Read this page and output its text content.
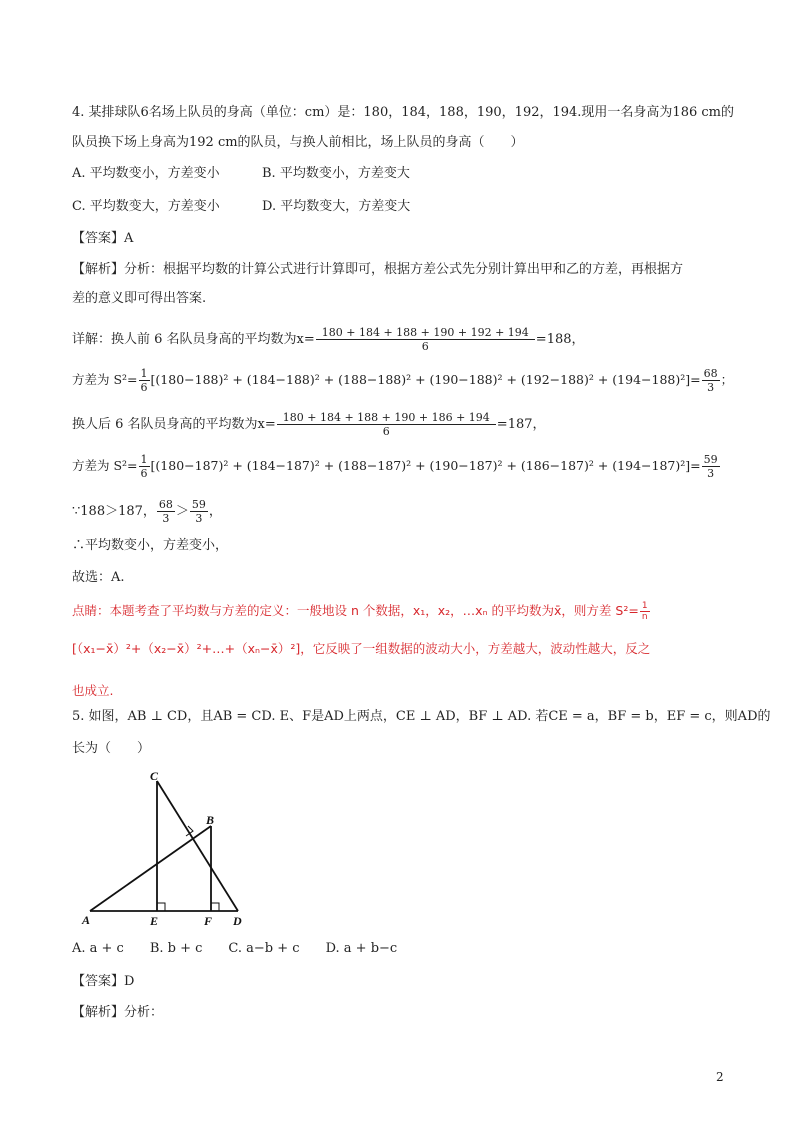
4. 某排球队6名场上队员的身高（单位：cm）是：180，184，188，190，192，194.现用一名身高为186 cm的
队员换下场上身高为192 cm的队员，与换人前相比，场上队员的身高（　　）
A. 平均数变小，方差变小	B. 平均数变小，方差变大
C. 平均数变大，方差变小	D. 平均数变大，方差变大
【答案】A
【解析】分析：根据平均数的计算公式进行计算即可，根据方差公式先分别计算出甲和乙的方差，再根据方
差的意义即可得出答案.
详解：换人前 6 名队员身高的平均数为$x= \frac{180 + 184 + 188 + 190 + 192 + 194}{6} =188$，
方差为 $S^2= \frac{1}{6} [(180-188)^2 + (184-188)^2 + (188-188)^2 + (190-188)^2 + (192-188)^2 + (194-188)^2]= \frac{68}{3}$ ；
换人后 6 名队员身高的平均数为$x= \frac{180 + 184 + 188 + 190 + 186 + 194}{6} =187$，
方差为 $S^2= \frac{1}{6} [(180-187)^2 + (184-187)^2 + (188-187)^2 + (190-187)^2 + (186-187)^2 + (194-187)^2]= \frac{59}{3}$
∵188＞187， $\frac{68}{3} > \frac{59}{3}$ ，
∴平均数变小，方差变小，
故选：A.
点睛：本题考查了平均数与方差的定义：一般地设 n 个数据，x₁，x₂，…xₙ 的平均数为x̄，则方差 $S^2= \frac{1}{n}$
[（x₁−x̄）²+（x₂−x̄）²+…+（xₙ−x̄）²]，它反映了一组数据的波动大小，方差越大，波动性越大，反之
也成立.
5. 如图，AB ⊥ CD，且AB = CD. E、F是AD上两点，CE ⊥ AD，BF ⊥ AD. 若CE = a，BF = b，EF = c，则AD的
长为（　　）
C
B
A	E	F D
A. a + c　　B. b + c　　C. a−b + c　　D. a + b−c
【答案】D
【解析】分析：
2
